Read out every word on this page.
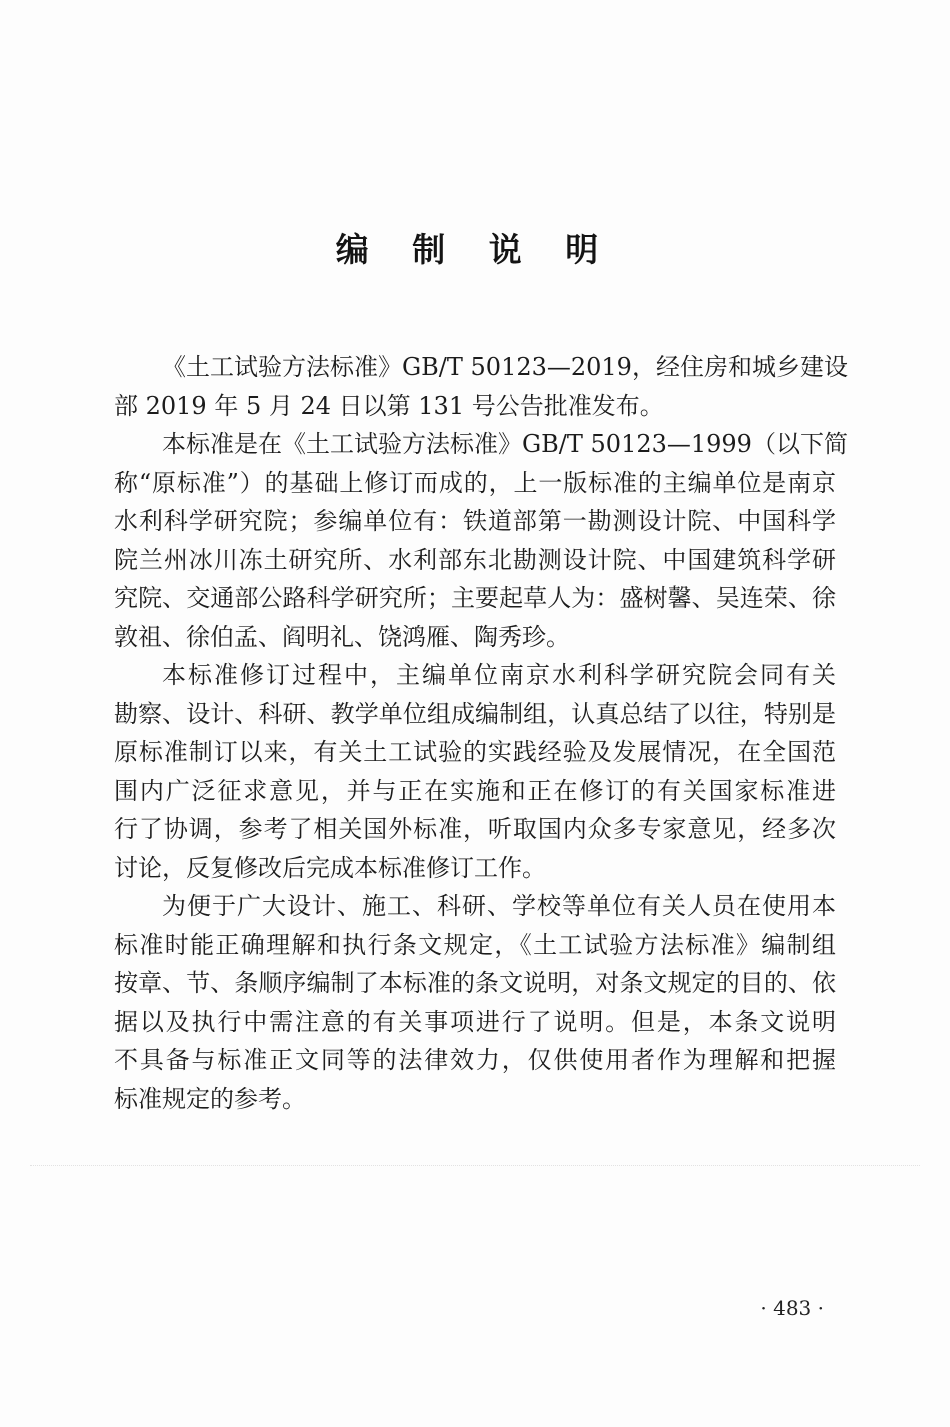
编 制 说 明

《土工试验方法标准》GB/T 50123—2019，经住房和城乡建设
部 2019 年 5 月 24 日以第 131 号公告批准发布。

本标准是在《土工试验方法标准》GB/T 50123—1999（以下简
称“原标准”）的基础上修订而成的，上一版标准的主编单位是南京
水利科学研究院；参编单位有：铁道部第一勘测设计院、中国科学
院兰州冰川冻土研究所、水利部东北勘测设计院、中国建筑科学研
究院、交通部公路科学研究所；主要起草人为：盛树馨、吴连荣、徐
敦祖、徐伯孟、阎明礼、饶鸿雁、陶秀珍。

本标准修订过程中，主编单位南京水利科学研究院会同有关
勘察、设计、科研、教学单位组成编制组，认真总结了以往，特别是
原标准制订以来，有关土工试验的实践经验及发展情况，在全国范
围内广泛征求意见，并与正在实施和正在修订的有关国家标准进
行了协调，参考了相关国外标准，听取国内众多专家意见，经多次
讨论，反复修改后完成本标准修订工作。

为便于广大设计、施工、科研、学校等单位有关人员在使用本
标准时能正确理解和执行条文规定，《土工试验方法标准》编制组
按章、节、条顺序编制了本标准的条文说明，对条文规定的目的、依
据以及执行中需注意的有关事项进行了说明。但是，本条文说明
不具备与标准正文同等的法律效力，仅供使用者作为理解和把握
标准规定的参考。

· 483 ·
